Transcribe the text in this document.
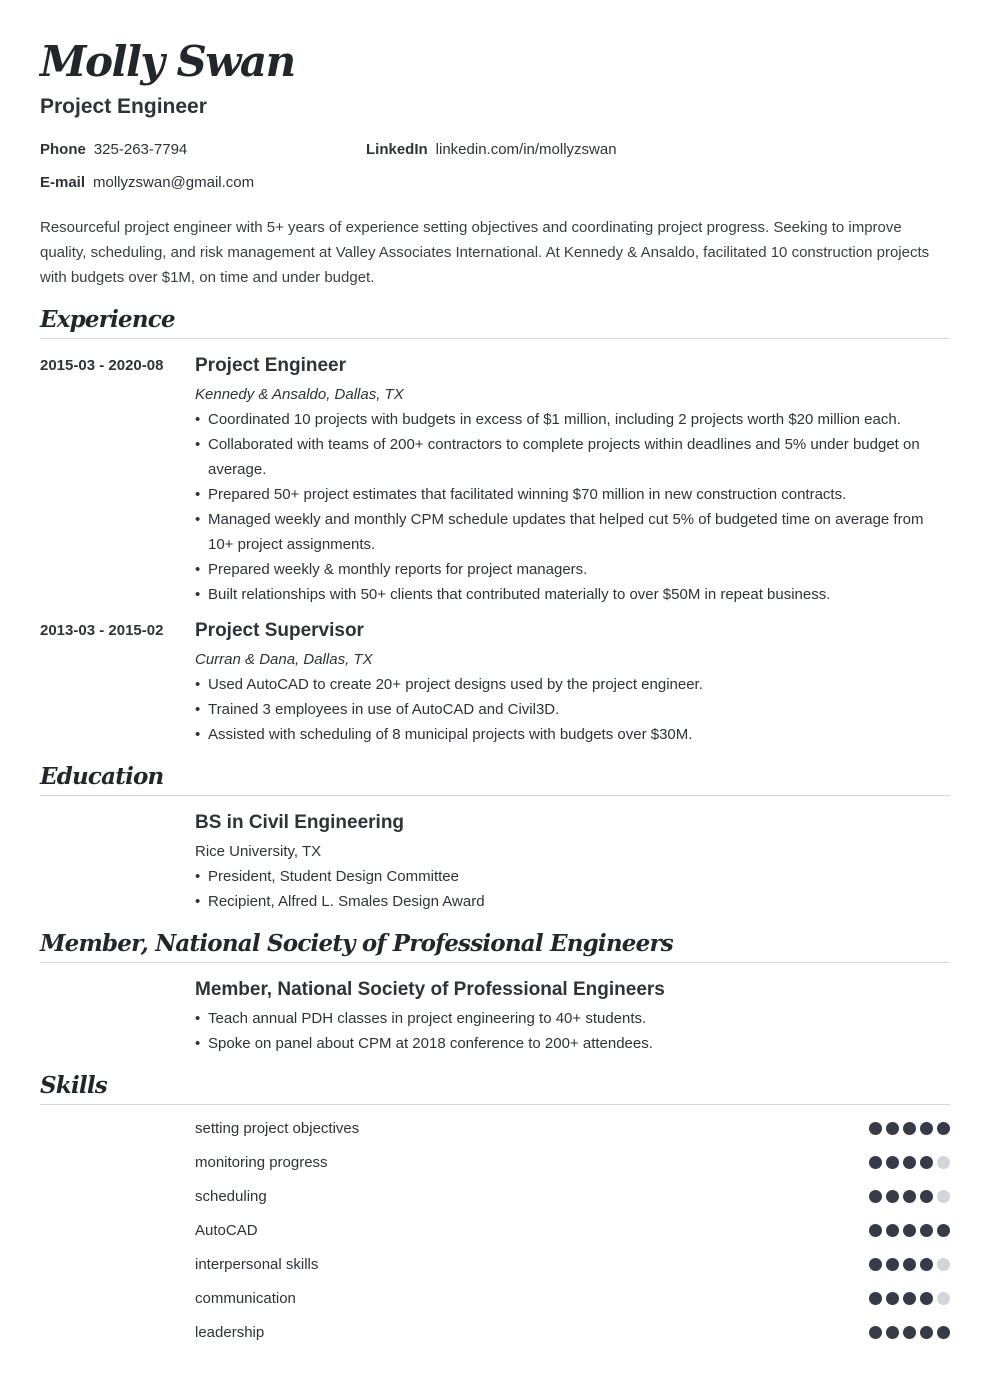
Molly Swan
Project Engineer
Phone 325-263-7794	LinkedIn linkedin.com/in/mollyzswan
E-mail mollyzswan@gmail.com

Resourceful project engineer with 5+ years of experience setting objectives and coordinating project progress. Seeking to improve quality, scheduling, and risk management at Valley Associates International. At Kennedy & Ansaldo, facilitated 10 construction projects with budgets over $1M, on time and under budget.

Experience
2015-03 - 2020-08 Project Engineer
Kennedy & Ansaldo, Dallas, TX
• Coordinated 10 projects with budgets in excess of $1 million, including 2 projects worth $20 million each.
• Collaborated with teams of 200+ contractors to complete projects within deadlines and 5% under budget on average.
• Prepared 50+ project estimates that facilitated winning $70 million in new construction contracts.
• Managed weekly and monthly CPM schedule updates that helped cut 5% of budgeted time on average from 10+ project assignments.
• Prepared weekly & monthly reports for project managers.
• Built relationships with 50+ clients that contributed materially to over $50M in repeat business.
2013-03 - 2015-02 Project Supervisor
Curran & Dana, Dallas, TX
• Used AutoCAD to create 20+ project designs used by the project engineer.
• Trained 3 employees in use of AutoCAD and Civil3D.
• Assisted with scheduling of 8 municipal projects with budgets over $30M.
Education
BS in Civil Engineering
Rice University, TX
• President, Student Design Committee
• Recipient, Alfred L. Smales Design Award
Member, National Society of Professional Engineers
Member, National Society of Professional Engineers
• Teach annual PDH classes in project engineering to 40+ students.
• Spoke on panel about CPM at 2018 conference to 200+ attendees.
Skills
setting project objectives
monitoring progress
scheduling
AutoCAD
interpersonal skills
communication
leadership
